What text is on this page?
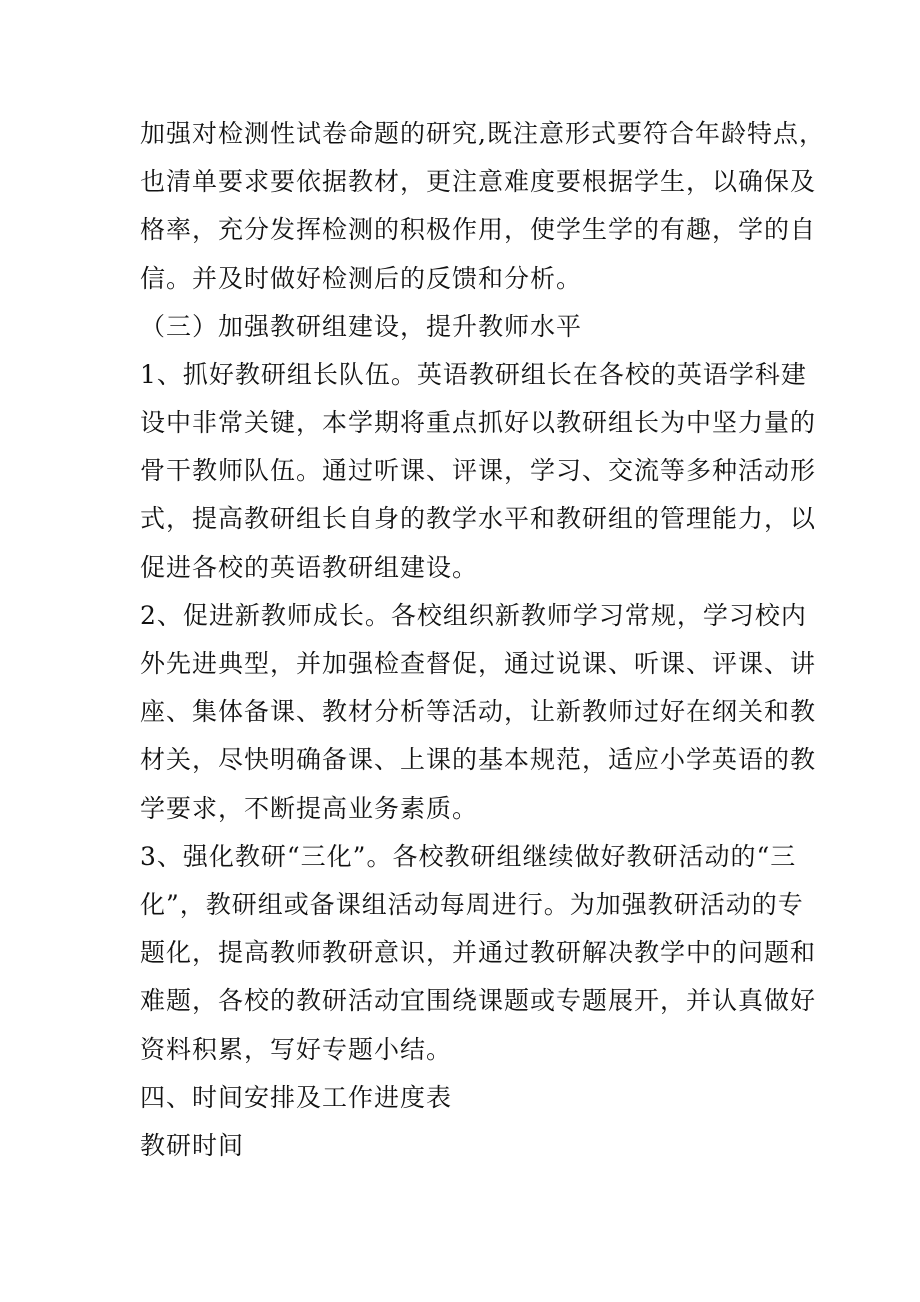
加强对检测性试卷命题的研究,既注意形式要符合年龄特点，
也清单要求要依据教材，更注意难度要根据学生，以确保及
格率，充分发挥检测的积极作用，使学生学的有趣，学的自
信。并及时做好检测后的反馈和分析。
（三）加强教研组建设，提升教师水平
1、抓好教研组长队伍。英语教研组长在各校的英语学科建
设中非常关键，本学期将重点抓好以教研组长为中坚力量的
骨干教师队伍。通过听课、评课，学习、交流等多种活动形
式，提高教研组长自身的教学水平和教研组的管理能力，以
促进各校的英语教研组建设。
2、促进新教师成长。各校组织新教师学习常规，学习校内
外先进典型，并加强检查督促，通过说课、听课、评课、讲
座、集体备课、教材分析等活动，让新教师过好在纲关和教
材关，尽快明确备课、上课的基本规范，适应小学英语的教
学要求，不断提高业务素质。
3、强化教研“三化”。各校教研组继续做好教研活动的“三
化”，教研组或备课组活动每周进行。为加强教研活动的专
题化，提高教师教研意识，并通过教研解决教学中的问题和
难题，各校的教研活动宜围绕课题或专题展开，并认真做好
资料积累，写好专题小结。
四、时间安排及工作进度表
教研时间
